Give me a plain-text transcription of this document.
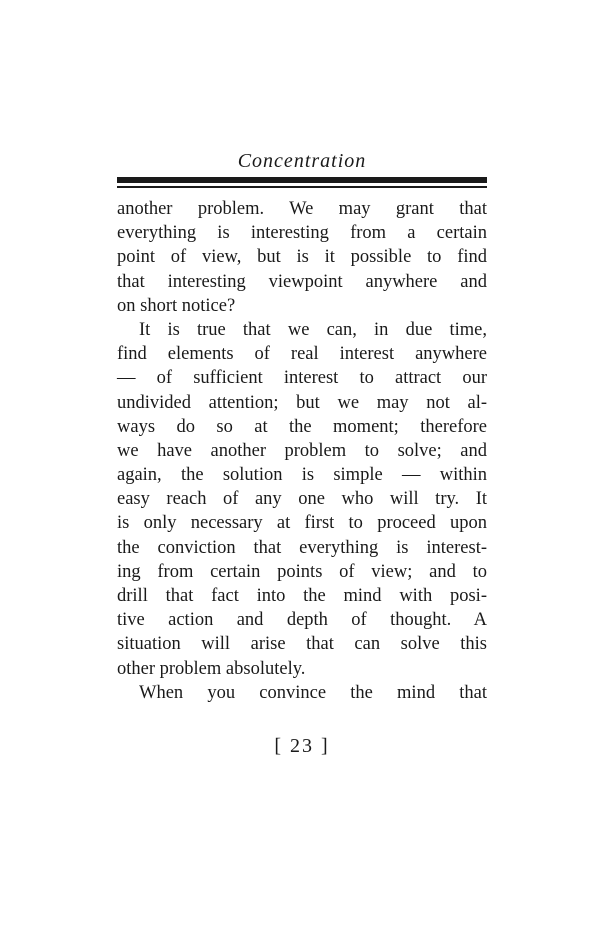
Concentration
another problem. We may grant that
everything is interesting from a certain
point of view, but is it possible to find
that interesting viewpoint anywhere and
on short notice?
It is true that we can, in due time,
find elements of real interest anywhere
— of sufficient interest to attract our
undivided attention; but we may not al-
ways do so at the moment; therefore
we have another problem to solve; and
again, the solution is simple — within
easy reach of any one who will try. It
is only necessary at first to proceed upon
the conviction that everything is interest-
ing from certain points of view; and to
drill that fact into the mind with posi-
tive action and depth of thought. A
situation will arise that can solve this
other problem absolutely.
When you convince the mind that
[ 23 ]
